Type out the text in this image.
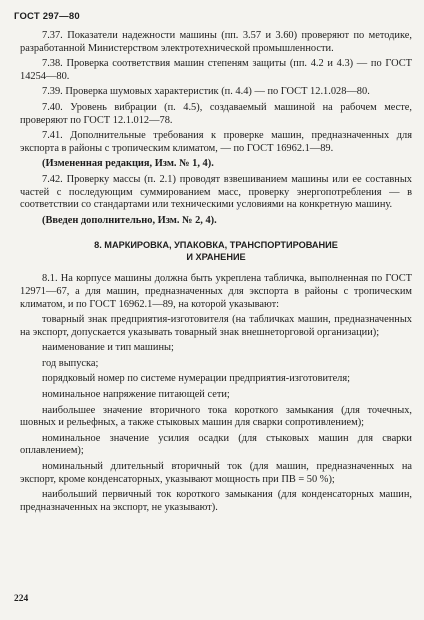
ГОСТ 297—80

7.37. Показатели надежности машины (пп. 3.57 и 3.60) проверяют по методике, разработанной Министерством электротехнической промышленности.

7.38. Проверка соответствия машин степеням защиты (пп. 4.2 и 4.3) — по ГОСТ 14254—80.

7.39. Проверка шумовых характеристик (п. 4.4) — по ГОСТ 12.1.028—80.

7.40. Уровень вибрации (п. 4.5), создаваемый машиной на рабочем месте, проверяют по ГОСТ 12.1.012—78.

7.41. Дополнительные требования к проверке машин, предназначенных для экспорта в районы с тропическим климатом, — по ГОСТ 16962.1—89.

(Измененная редакция, Изм. № 1, 4).

7.42. Проверку массы (п. 2.1) проводят взвешиванием машины или ее составных частей с последующим суммированием масс, проверку энергопотребления — в соответствии со стандартами или техническими условиями на конкретную машину.

(Введен дополнительно, Изм. № 2, 4).

8. МАРКИРОВКА, УПАКОВКА, ТРАНСПОРТИРОВАНИЕ
И ХРАНЕНИЕ

8.1. На корпусе машины должна быть укреплена табличка, выполненная по ГОСТ 12971—67, а для машин, предназначенных для экспорта в районы с тропическим климатом, и по ГОСТ 16962.1—89, на которой указывают:

товарный знак предприятия-изготовителя (на табличках машин, предназначенных на экспорт, допускается указывать товарный знак внешнеторговой организации);

наименование и тип машины;

год выпуска;

порядковый номер по системе нумерации предприятия-изготовителя;

номинальное напряжение питающей сети;

наибольшее значение вторичного тока короткого замыкания (для точечных, шовных и рельефных, а также стыковых машин для сварки сопротивлением);

номинальное значение усилия осадки (для стыковых машин для сварки оплавлением);

номинальный длительный вторичный ток (для машин, предназначенных на экспорт, кроме конденсаторных, указывают мощность при ПВ = 50 %);

наибольший первичный ток короткого замыкания (для конденсаторных машин, предназначенных на экспорт, не указывают).

224
